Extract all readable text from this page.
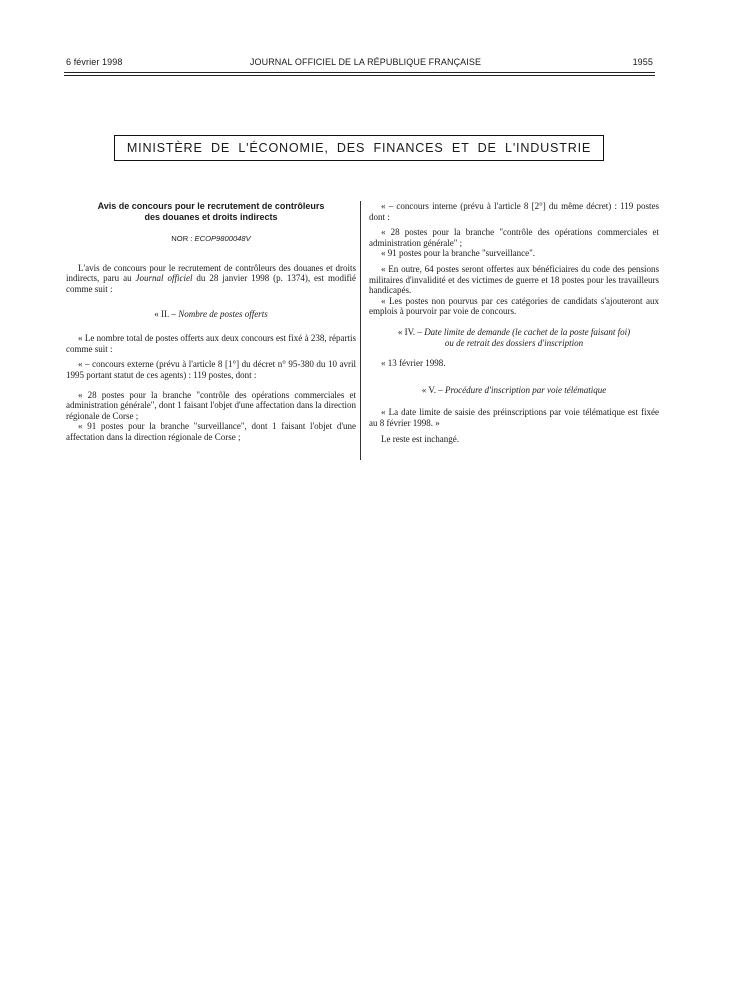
6 février 1998	JOURNAL OFFICIEL DE LA RÉPUBLIQUE FRANÇAISE	1955
MINISTÈRE DE L'ÉCONOMIE, DES FINANCES ET DE L'INDUSTRIE
Avis de concours pour le recrutement de contrôleurs
des douanes et droits indirects
NOR : ECOP9800048V

L'avis de concours pour le recrutement de contrôleurs des douanes et droits indirects, paru au Journal officiel du 28 janvier 1998 (p. 1374), est modifié comme suit :

« II. – Nombre de postes offerts

« Le nombre total de postes offerts aux deux concours est fixé à 238, répartis comme suit :

« – concours externe (prévu à l'article 8 [1°] du décret n° 95-380 du 10 avril 1995 portant statut de ces agents) : 119 postes, dont :

« 28 postes pour la branche "contrôle des opérations commerciales et administration générale", dont 1 faisant l'objet d'une affectation dans la direction régionale de Corse ;

« 91 postes pour la branche "surveillance", dont 1 faisant l'objet d'une affectation dans la direction régionale de Corse ;

« – concours interne (prévu à l'article 8 [2°] du même décret) : 119 postes dont :

« 28 postes pour la branche "contrôle des opérations commerciales et administration générale" ;

« 91 postes pour la branche "surveillance".

« En outre, 64 postes seront offertes aux bénéficiaires du code des pensions militaires d'invalidité et des victimes de guerre et 18 postes pour les travailleurs handicapés.

« Les postes non pourvus par ces catégories de candidats s'ajouteront aux emplois à pourvoir par voie de concours.

« IV. – Date limite de demande (le cachet de la poste faisant foi)
ou de retrait des dossiers d'inscription

« 13 février 1998.

« V. – Procédure d'inscription par voie télématique

« La date limite de saisie des préinscriptions par voie télématique est fixée au 8 février 1998. »

Le reste est inchangé.
